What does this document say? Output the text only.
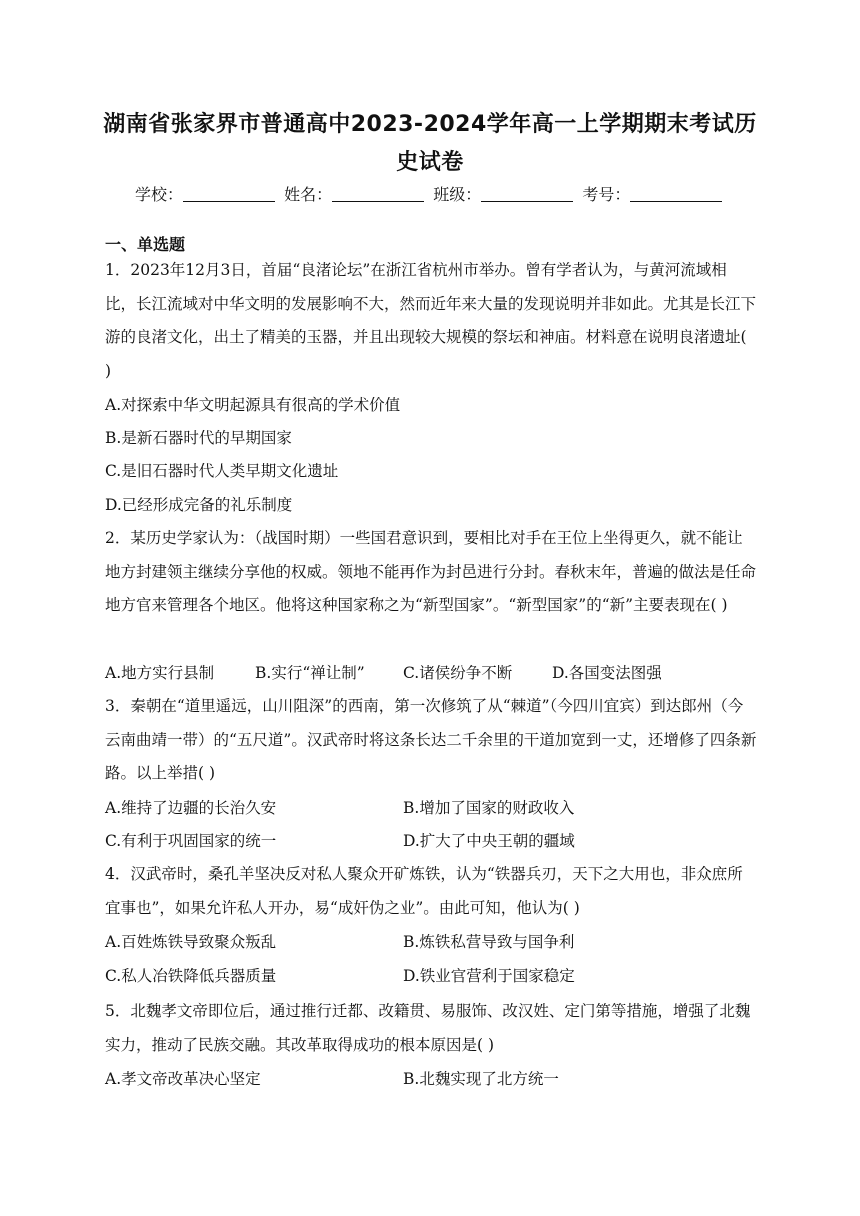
湖南省张家界市普通高中2023-2024学年高一上学期期末考试历史试卷
学校：	姓名：	班级：	考号：
一、单选题

1．2023年12月3日，首届“良渚论坛”在浙江省杭州市举办。曾有学者认为，与黄河流域相比，长江流域对中华文明的发展影响不大，然而近年来大量的发现说明并非如此。尤其是长江下游的良渚文化，出土了精美的玉器，并且出现较大规模的祭坛和神庙。材料意在说明良渚遗址( )

A.对探索中华文明起源具有很高的学术价值
B.是新石器时代的早期国家
C.是旧石器时代人类早期文化遗址
D.已经形成完备的礼乐制度

2．某历史学家认为：（战国时期）一些国君意识到，要相比对手在王位上坐得更久，就不能让地方封建领主继续分享他的权威。领地不能再作为封邑进行分封。春秋末年，普遍的做法是任命地方官来管理各个地区。他将这种国家称之为“新型国家”。“新型国家”的“新”主要表现在( )

A.地方实行县制	B.实行“禅让制” C.诸侯纷争不断	D.各国变法图强

3．秦朝在“道里遥远，山川阻深”的西南，第一次修筑了从“棘道”（今四川宜宾）到达郎州（今云南曲靖一带）的“五尺道”。汉武帝时将这条长达二千余里的干道加宽到一丈，还增修了四条新路。以上举措( )

A.维持了边疆的长治久安	B.增加了国家的财政收入
C.有利于巩固国家的统一	D.扩大了中央王朝的疆域

4．汉武帝时，桑孔羊坚决反对私人聚众开矿炼铁，认为“铁器兵刃，天下之大用也，非众庶所宜事也”，如果允许私人开办，易“成奸伪之业”。由此可知，他认为( )

A.百姓炼铁导致聚众叛乱	B.炼铁私营导致与国争利
C.私人冶铁降低兵器质量	D.铁业官营利于国家稳定

5．北魏孝文帝即位后，通过推行迁都、改籍贯、易服饰、改汉姓、定门第等措施，增强了北魏实力，推动了民族交融。其改革取得成功的根本原因是( )

A.孝文帝改革决心坚定	B.北魏实现了北方统一
